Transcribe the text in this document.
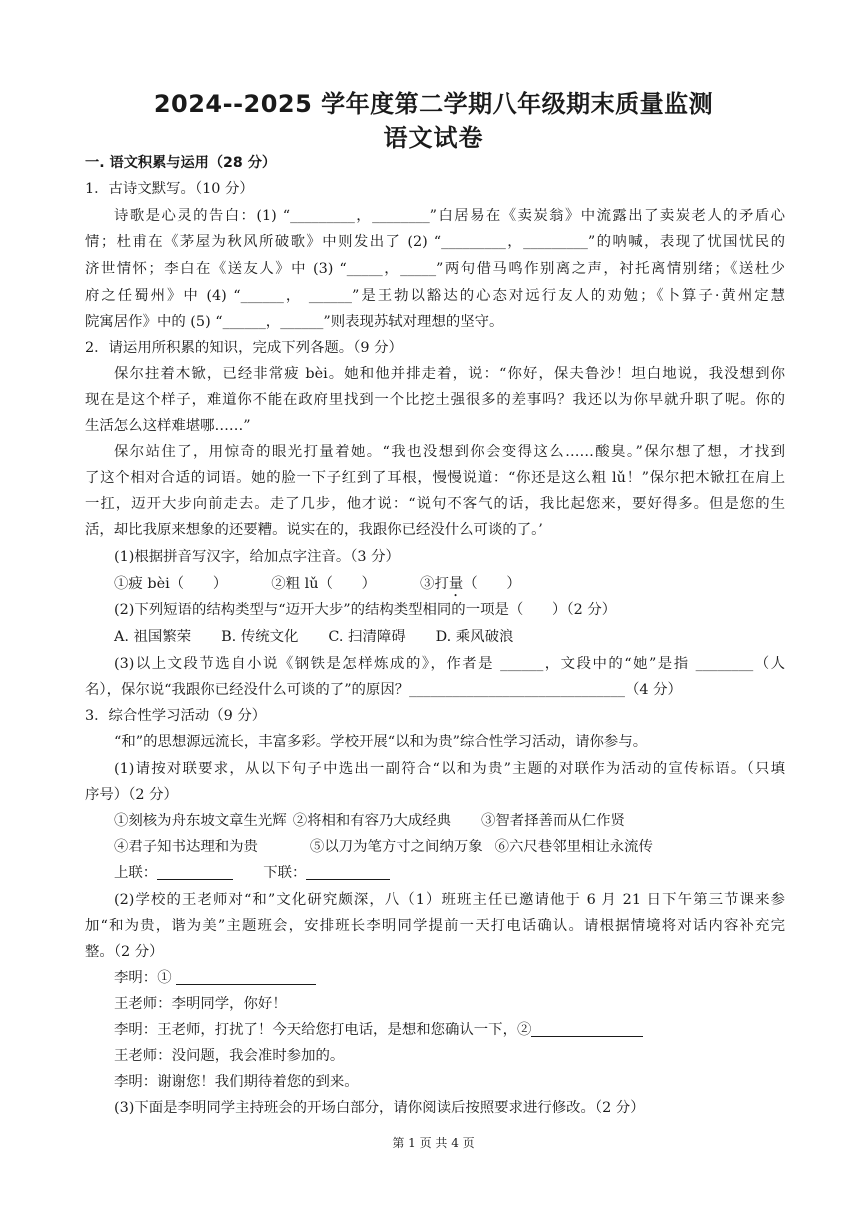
2024--2025 学年度第二学期八年级期末质量监测
语文试卷
一. 语文积累与运用（28 分）
1．古诗文默写。（10 分）
诗歌是心灵的告白：(1) “_________，________”白居易在《卖炭翁》中流露出了卖炭老人的矛盾心
情；杜甫在《茅屋为秋风所破歌》中则发出了 (2) “_________，_________”的呐喊，表现了忧国忧民的
济世情怀；李白在《送友人》中 (3) “_____，_____”两句借马鸣作别离之声，衬托离情别绪；《送杜少
府之任蜀州》中 (4) “______， ______”是王勃以豁达的心态对远行友人的劝勉；《卜算子·黄州定慧
院寓居作》中的 (5) “______，______”则表现苏轼对理想的坚守。
2．请运用所积累的知识，完成下列各题。（9 分）
保尔拄着木锨，已经非常疲 bèi。她和他并排走着，说：“你好，保夫鲁沙！坦白地说，我没想到你
现在是这个样子，难道你不能在政府里找到一个比挖土强很多的差事吗？我还以为你早就升职了呢。你的
生活怎么这样难堪哪……”
保尔站住了，用惊奇的眼光打量着她。“我也没想到你会变得这么……酸臭。”保尔想了想，才找到
了这个相对合适的词语。她的脸一下子红到了耳根，慢慢说道：“你还是这么粗 lǔ！”保尔把木锨扛在肩上
一扛，迈开大步向前走去。走了几步，他才说：“说句不客气的话，我比起您来，要好得多。但是您的生
活，却比我原来想象的还要糟。说实在的，我跟你已经没什么可谈的了。’
(1)根据拼音写汉字，给加点字注音。（3 分）
①疲 bèi（　　）	②粗 lǔ（　　）	③打量（　　）
(2)下列短语的结构类型与“迈开大步”的结构类型相同的一项是（　　）（2 分）
A. 祖国繁荣 B. 传统文化 C. 扫清障碍 D. 乘风破浪
(3)以上文段节选自小说《钢铁是怎样炼成的》，作者是 ______，文段中的“她”是指 ________（人
名），保尔说“我跟你已经没什么可谈的了”的原因？______________________________（4 分）
3．综合性学习活动（9 分）
“和”的思想源远流长，丰富多彩。学校开展“以和为贵”综合性学习活动，请你参与。
(1)请按对联要求，从以下句子中选出一副符合“以和为贵”主题的对联作为活动的宣传标语。（只填
序号）（2 分）
①刻核为舟东坡文章生光辉 ②将相和有容乃大成经典 ③智者择善而从仁作贤
④君子知书达理和为贵	⑤以刀为笔方寸之间纳万象 ⑥六尺巷邻里相让永流传
上联：	下联：
(2)学校的王老师对“和”文化研究颇深，八（1）班班主任已邀请他于 6 月 21 日下午第三节课来参
加“和为贵，谐为美”主题班会，安排班长李明同学提前一天打电话确认。请根据情境将对话内容补充完
整。（2 分）
李明：①
王老师：李明同学，你好！
李明：王老师，打扰了！今天给您打电话，是想和您确认一下，②
王老师：没问题，我会准时参加的。
李明：谢谢您！我们期待着您的到来。
(3)下面是李明同学主持班会的开场白部分，请你阅读后按照要求进行修改。（2 分）
第 1 页 共 4 页
